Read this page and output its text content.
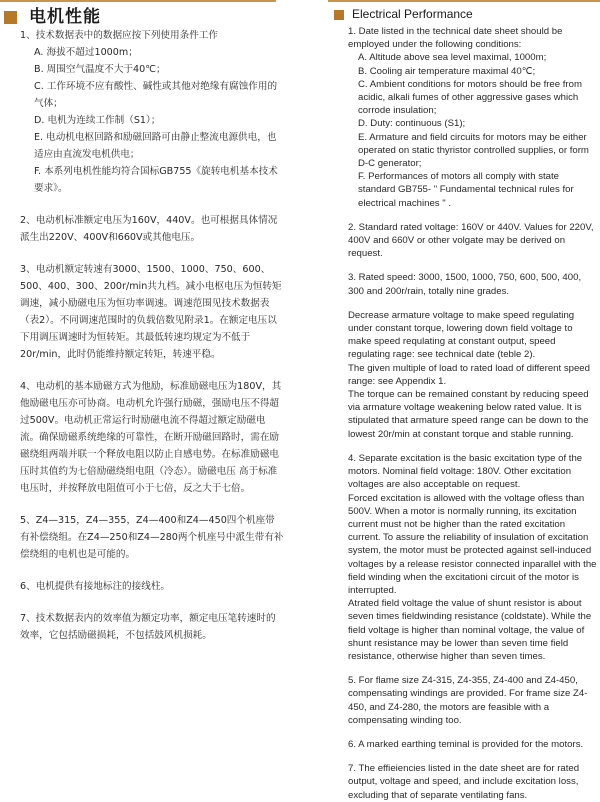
电机性能

1、技术数据表中的数据应按下列使用条件工作

A. 海拔不超过1000m；

B. 周围空气温度不大于40℃；

C. 工作环境不应有酸性、碱性或其他对绝缘有腐蚀作用的气体；

D. 电机为连续工作制（S1）；

E. 电动机电枢回路和励磁回路可由静止整流电源供电，也适应由直流发电机供电；

F. 本系列电机性能均符合国标GB755《旋转电机基本技术要求》。

2、电动机标准额定电压为160V，440V。也可根据具体情况派生出220V、400V和660V或其他电压。

3、电动机额定转速有3000、1500、1000、750、600、500、400、300、200r/min共九档。减小电枢电压为恒转矩调速，减小励磁电压为恒功率调速。调速范围见技术数据表（表2）。不同调速范围时的负载倍数见附录1。在额定电压以下用调压调速时为恒转矩。其最低转速均规定为不低于20r/min，此时仍能维持额定转矩，转速平稳。

4、电动机的基本励磁方式为他励，标准励磁电压为180V，其他励磁电压亦可协商。电动机允许强行励磁，强励电压不得超过500V。电动机正常运行时励磁电流不得超过额定励磁电流。确保励磁系统绝缘的可靠性，在断开励磁回路时，需在励磁绕组两端并联一个释放电阻以防止自感电势。在标准励磁电压时其值约为七倍励磁绕组电阻（冷态）。励磁电压 高于标准电压时，并按释放电阻值可小于七倍，反之大于七倍。

5、Z4—315，Z4—355，Z4—400和Z4—450四个机座带有补偿绕组。在Z4—250和Z4—280两个机座号中派生带有补偿绕组的电机也是可能的。

6、电机提供有接地标注的接线柱。

7、技术数据表内的效率值为额定功率，额定电压笔转速时的效率，它包括励磁损耗，不包括鼓风机损耗。

Electrical Performance

1. Date listed in the technical date sheet should be employed under the following conditions:

A. Altitude above sea level maximal, 1000m;

B. Cooling air temperature maximal 40℃;

C. Ambient conditions for motors should be free from acidic, alkali fumes of other aggressive gases which corrode insulation;

D. Duty: continuous (S1);

E. Armature and field circuits for motors may be either operated on static thyristor controlled supplies, or form D-C generator;

F. Performances of motors all comply with state standard GB755- " Fundamental technical rules for electrical machines " .

2. Standard rated voltage: 160V or 440V. Values for 220V, 400V and 660V or other volgate may be derived on request.

3. Rated speed: 3000, 1500, 1000, 750, 600, 500, 400, 300 and 200r/rain, totally nine grades.

Decrease armature voltage to make speed regulating under constant torque, lowering down field voltage to make speed requlating at constant output, speed regulating rage: see technical date (teble 2).

The given multiple of load to rated load of different speed range: see Appendix 1.

The torque can be remained constant by reducing speed via armature voltage weakening below rated value. It is stipulated that armature speed range can be down to the lowest 20r/min at constant torque and stable running.

4. Separate excitation is the basic excitation type of the motors. Nominal field voltage: 180V. Other excitation voltages are also acceptable on request.

Forced excitation is allowed with the voltage ofless than 500V. When a motor is normally running, its excitation current must not be higher than the rated excitation current. To assure the reliability of insulation of excitation system, the motor must be protected against sell-induced voltages by a release resistor connected inparallel with the field winding when the excitationi circuit of the motor is interrupted.

Atrated field voltage the value of shunt resistor is about seven times fieldwinding resistance (coldstate). While the field voltage is higher than nominal voltage, the value of shunt resistance may be lower than seven time field resistance, otherwise higher than seven times.

5. For flame size Z4-315, Z4-355, Z4-400 and Z4-450, compensating windings are provided. For frame size Z4-450, and Z4-280, the motors are feasible with a compensating winding too.

6. A marked earthing teminal is provided for the motors.

7. The effieiencies listed in the date sheet are for rated output, voltage and speed, and include excitation loss, excluding that of separate ventilating fans.
